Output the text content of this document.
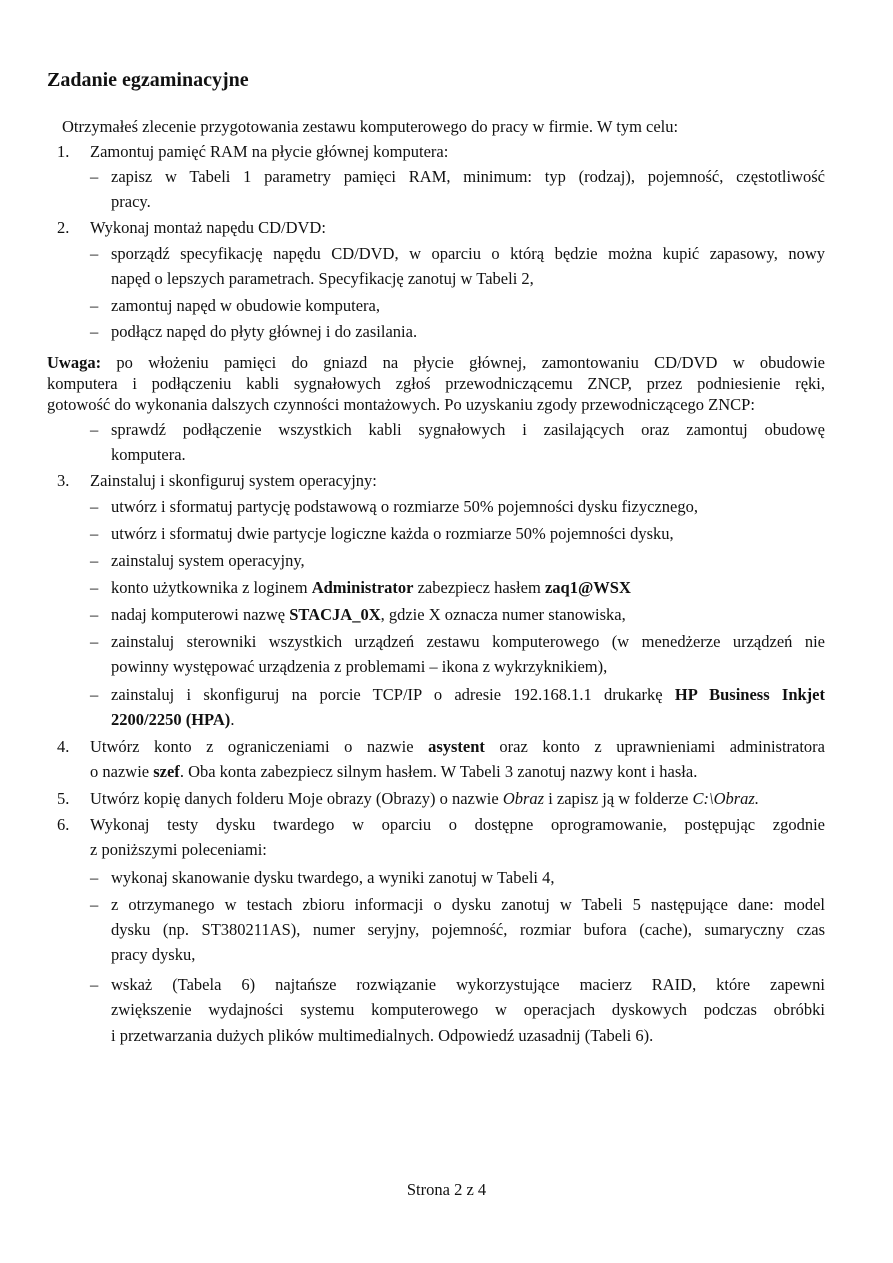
Zadanie egzaminacyjne
Otrzymałeś zlecenie przygotowania zestawu komputerowego do pracy w firmie. W tym celu:
1. Zamontuj pamięć RAM na płycie głównej komputera:
– zapisz w Tabeli 1 parametry pamięci RAM, minimum: typ (rodzaj), pojemność, częstotliwość
pracy.
2. Wykonaj montaż napędu CD/DVD:
– sporządź specyfikację napędu CD/DVD, w oparciu o którą będzie można kupić zapasowy, nowy
napęd o lepszych parametrach. Specyfikację zanotuj w Tabeli 2,
– zamontuj napęd w obudowie komputera,
– podłącz napęd do płyty głównej i do zasilania.
Uwaga: po włożeniu pamięci do gniazd na płycie głównej, zamontowaniu CD/DVD w obudowie
komputera i podłączeniu kabli sygnałowych zgłoś przewodniczącemu ZNCP, przez podniesienie ręki,
gotowość do wykonania dalszych czynności montażowych. Po uzyskaniu zgody przewodniczącego ZNCP:
– sprawdź podłączenie wszystkich kabli sygnałowych i zasilających oraz zamontuj obudowę
komputera.
3. Zainstaluj i skonfiguruj system operacyjny:
– utwórz i sformatuj partycję podstawową o rozmiarze 50% pojemności dysku fizycznego,
– utwórz i sformatuj dwie partycje logiczne każda o rozmiarze 50% pojemności dysku,
– zainstaluj system operacyjny,
– konto użytkownika z loginem Administrator zabezpiecz hasłem zaq1@WSX
– nadaj komputerowi nazwę STACJA_0X, gdzie X oznacza numer stanowiska,
– zainstaluj sterowniki wszystkich urządzeń zestawu komputerowego (w menedżerze urządzeń nie
powinny występować urządzenia z problemami – ikona z wykrzyknikiem),
– zainstaluj i skonfiguruj na porcie TCP/IP o adresie 192.168.1.1 drukarkę HP Business Inkjet
2200/2250 (HPA).
4. Utwórz konto z ograniczeniami o nazwie asystent oraz konto z uprawnieniami administratora
o nazwie szef. Oba konta zabezpiecz silnym hasłem. W Tabeli 3 zanotuj nazwy kont i hasła.
5. Utwórz kopię danych folderu Moje obrazy (Obrazy) o nazwie Obraz i zapisz ją w folderze C:\Obraz.
6. Wykonaj testy dysku twardego w oparciu o dostępne oprogramowanie, postępując zgodnie
z poniższymi poleceniami:
– wykonaj skanowanie dysku twardego, a wyniki zanotuj w Tabeli 4,
– z otrzymanego w testach zbioru informacji o dysku zanotuj w Tabeli 5 następujące dane: model
dysku (np. ST380211AS), numer seryjny, pojemność, rozmiar bufora (cache), sumaryczny czas
pracy dysku,
– wskaż (Tabela 6) najtańsze rozwiązanie wykorzystujące macierz RAID, które zapewni
zwiększenie wydajności systemu komputerowego w operacjach dyskowych podczas obróbki
i przetwarzania dużych plików multimedialnych. Odpowiedź uzasadnij (Tabeli 6).
Strona 2 z 4
